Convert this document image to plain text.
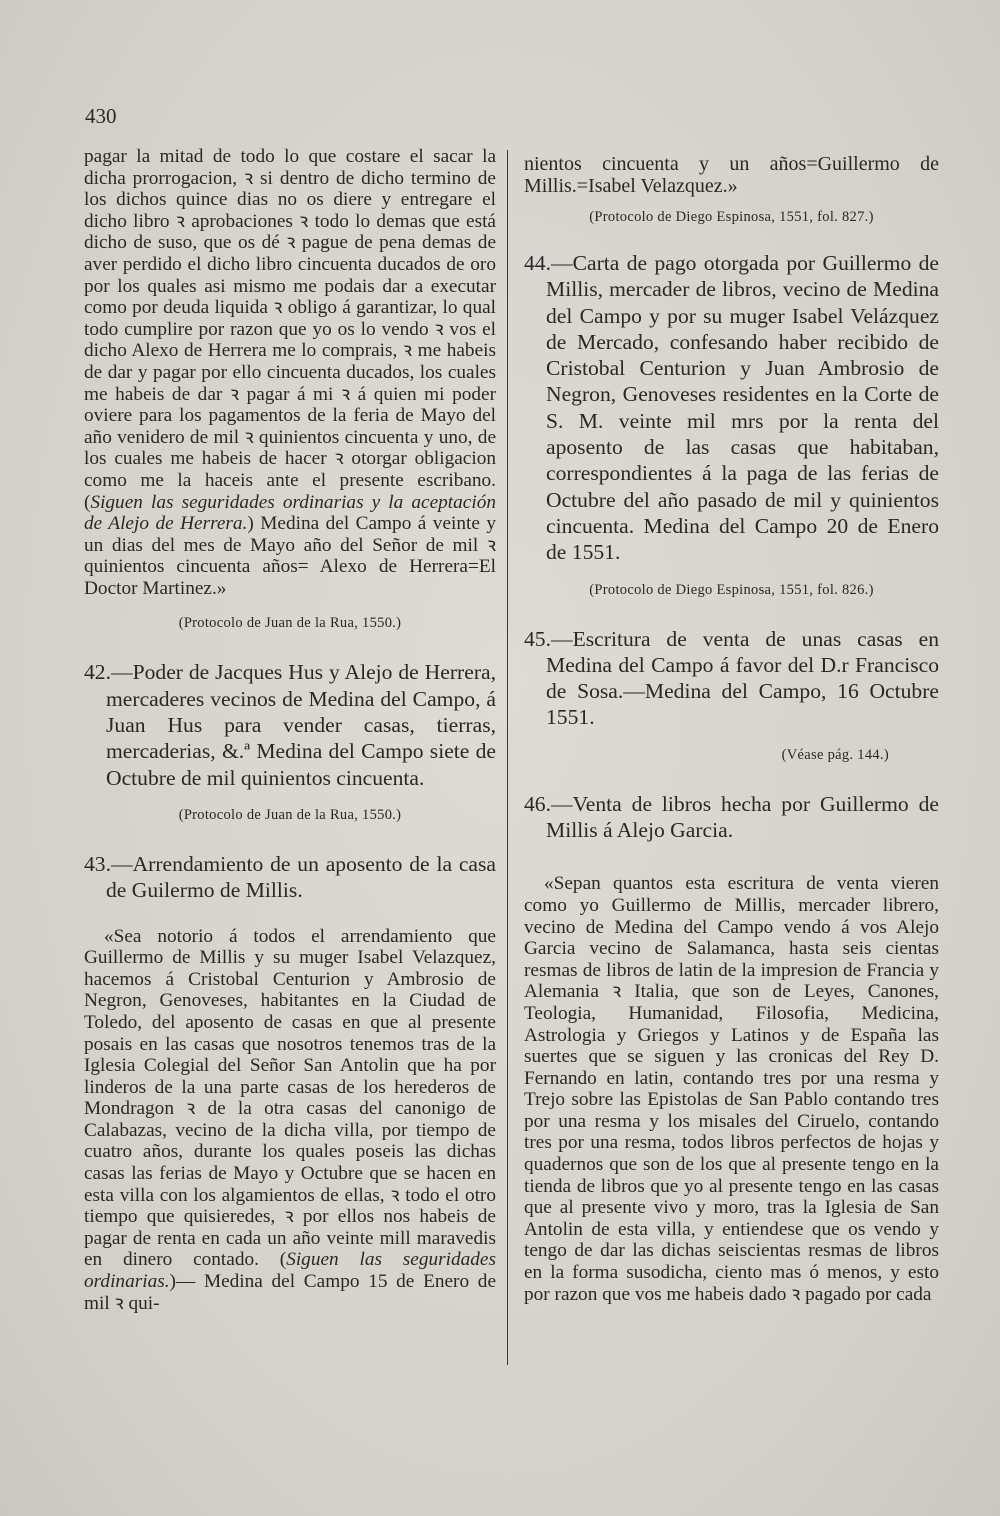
430

pagar la mitad de todo lo que costare el sacar la dicha prorrogacion, ꝛ si dentro de dicho termino de los dichos quince dias no os diere y entregare el dicho libro ꝛ aprobaciones ꝛ todo lo demas que está dicho de suso, que os dé ꝛ pague de pena demas de aver perdido el dicho libro cincuenta ducados de oro por los quales asi mismo me podais dar a executar como por deuda liquida ꝛ obligo á garantizar, lo qual todo cumplire por razon que yo os lo vendo ꝛ vos el dicho Alexo de Herrera me lo comprais, ꝛ me habeis de dar y pagar por ello cincuenta ducados, los cuales me habeis de dar ꝛ pagar á mi ꝛ á quien mi poder oviere para los pagamentos de la feria de Mayo del año venidero de mil ꝛ quinientos cincuenta y uno, de los cuales me habeis de hacer ꝛ otorgar obligacion como me la haceis ante el presente escribano. (Siguen las seguridades ordinarias y la aceptación de Alejo de Herrera.) Medina del Campo á veinte y un dias del mes de Mayo año del Señor de mil ꝛ quinientos cincuenta años= Alexo de Herrera=El Doctor Martinez.»

(Protocolo de Juan de la Rua, 1550.)

42.—Poder de Jacques Hus y Alejo de Herrera, mercaderes vecinos de Medina del Campo, á Juan Hus para vender casas, tierras, mercaderias, &.ª Medina del Campo siete de Octubre de mil quinientos cincuenta.

(Protocolo de Juan de la Rua, 1550.)

43.—Arrendamiento de un aposento de la casa de Guilermo de Millis.

«Sea notorio á todos el arrendamiento que Guillermo de Millis y su muger Isabel Velazquez, hacemos á Cristobal Centurion y Ambrosio de Negron, Genoveses, habitantes en la Ciudad de Toledo, del aposento de casas en que al presente posais en las casas que nosotros tenemos tras de la Iglesia Colegial del Señor San Antolin que ha por linderos de la una parte casas de los herederos de Mondragon ꝛ de la otra casas del canonigo de Calabazas, vecino de la dicha villa, por tiempo de cuatro años, durante los quales poseis las dichas casas las ferias de Mayo y Octubre que se hacen en esta villa con los algamientos de ellas, ꝛ todo el otro tiempo que quisieredes, ꝛ por ellos nos habeis de pagar de renta en cada un año veinte mill maravedis en dinero contado. (Siguen las seguridades ordinarias.)— Medina del Campo 15 de Enero de mil ꝛ qui-

nientos cincuenta y un años=Guillermo de Millis.=Isabel Velazquez.»

(Protocolo de Diego Espinosa, 1551, fol. 827.)

44.—Carta de pago otorgada por Guillermo de Millis, mercader de libros, vecino de Medina del Campo y por su muger Isabel Velázquez de Mercado, confesando haber recibido de Cristobal Centurion y Juan Ambrosio de Negron, Genoveses residentes en la Corte de S. M. veinte mil mrs por la renta del aposento de las casas que habitaban, correspondientes á la paga de las ferias de Octubre del año pasado de mil y quinientos cincuenta. Medina del Campo 20 de Enero de 1551.

(Protocolo de Diego Espinosa, 1551, fol. 826.)

45.—Escritura de venta de unas casas en Medina del Campo á favor del D.r Francisco de Sosa.—Medina del Campo, 16 Octubre 1551.

(Véase pág. 144.)

46.—Venta de libros hecha por Guillermo de Millis á Alejo Garcia.

«Sepan quantos esta escritura de venta vieren como yo Guillermo de Millis, mercader librero, vecino de Medina del Campo vendo á vos Alejo Garcia vecino de Salamanca, hasta seis cientas resmas de libros de latin de la impresion de Francia y Alemania ꝛ Italia, que son de Leyes, Canones, Teologia, Humanidad, Filosofia, Medicina, Astrologia y Griegos y Latinos y de España las suertes que se siguen y las cronicas del Rey D. Fernando en latin, contando tres por una resma y Trejo sobre las Epistolas de San Pablo contando tres por una resma y los misales del Ciruelo, contando tres por una resma, todos libros perfectos de hojas y quadernos que son de los que al presente tengo en la tienda de libros que yo al presente tengo en las casas que al presente vivo y moro, tras la Iglesia de San Antolin de esta villa, y entiendese que os vendo y tengo de dar las dichas seiscientas resmas de libros en la forma susodicha, ciento mas ó menos, y esto por razon que vos me habeis dado ꝛ pagado por cada
